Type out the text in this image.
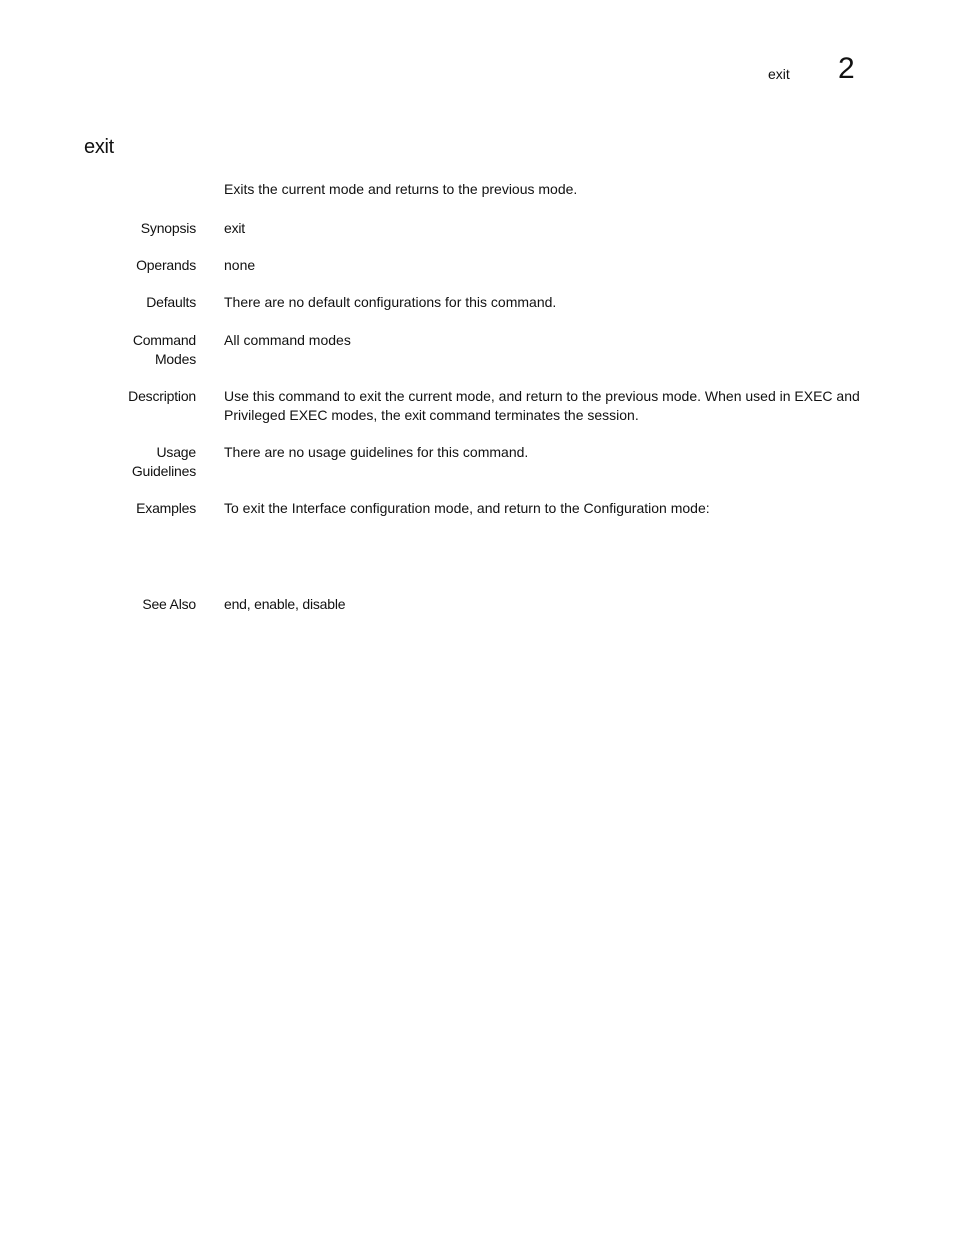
exit 2
exit
Exits the current mode and returns to the previous mode.
Synopsis exit
Operands none
Defaults There are no default configurations for this command.
Command
Modes
All command modes
Description Use this command to exit the current mode, and return to the previous mode. When used in EXEC and Privileged EXEC modes, the exit command terminates the session.
Usage
Guidelines
There are no usage guidelines for this command.
Examples To exit the Interface configuration mode, and return to the Configuration mode:
See Also end, enable, disable
